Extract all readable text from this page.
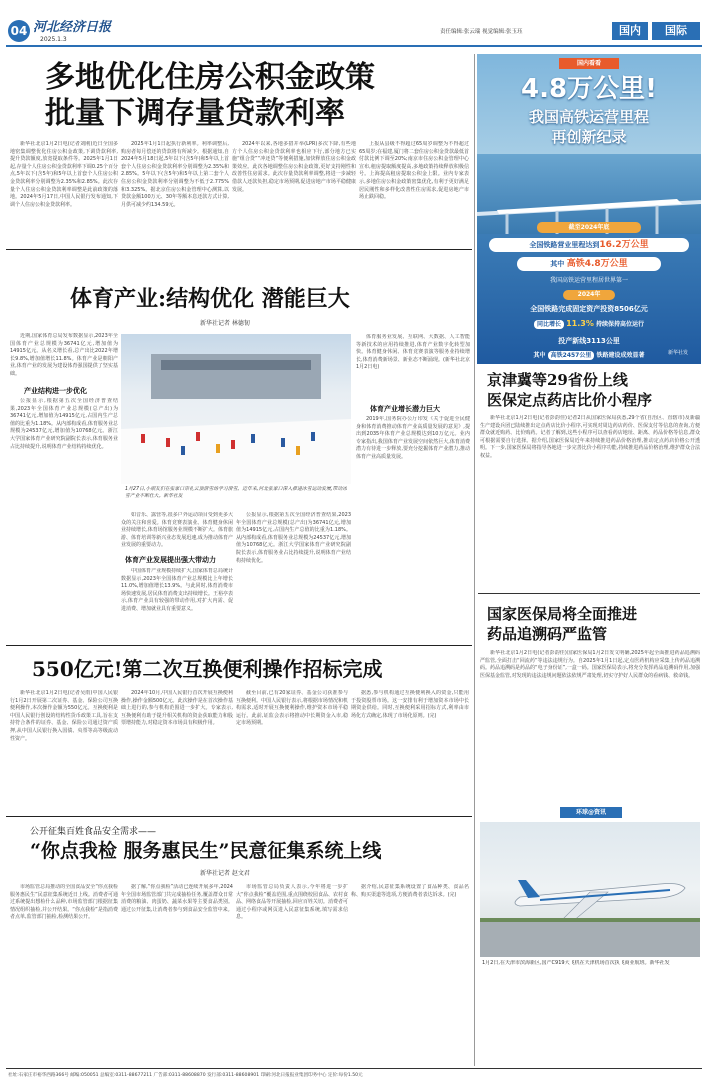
04 河北经济日报
2025.1.3
责任编辑:张云瑞 视觉编辑:张玉珏	国内	国际
多地优化住房公积金政策
批量下调存量贷款利率
新华社北京1月2日电(记者刘刚)近日全国多地密集调整优化住房公积金政策,下调贷款利率,提升贷款额度,放宽提取条件等。2025年1月1日起,存量个人住房公积金贷款利率下调0.25个百分点,5年以下(含5年)和5年以上首套个人住房公积金贷款利率分别调整为2.35%和2.85%。此次存量个人住房公积金贷款利率调整是此前政策的落地。2024年5月17日,中国人民银行发布通知,下调个人住房公积金贷款利率。
2025年1月1日起执行新利率。利率调整后,购房者每月偿还的贷款将有所减少。根据通知,自2024年5月18日起,5年以下(含5年)和5年以上首套个人住房公积金贷款利率分别调整为2.35%和2.85%。5年以下(含5年)和5年以上第二套个人住房公积金贷款利率分别调整为不低于2.775%和3.325%。据北京住房公积金管理中心测算,以贷款金额100万元、30年等额本息还款方式计算,月供可减少约134.59元。
2024年以来,各地多措并举(LPR)多次下降,有些地方个人住房公积金贷款利率也相应下行,部分地方已实施“组合贷”“冲还贷”等便利措施,加快释放住房公积金政策效应。此次各地调整住房公积金政策,更好支持刚性和改善性住房需求。此次存量贷款利率调整,将进一步减轻借款人还款负担,稳定市场预期,促进房地产市场平稳健康发展。
上报从县级不得超过65周岁调整为不得超过65周岁;在福建,厦门将二套住房公积金贷款最低首付款比例下调至20%;南京市住房公积金管理中心宣布,租房提取额度提高,多地政策持续释放积极信号。上海提高租房提取公积金上限。业内专家表示,多地住房公积金政策密集优化,有利于更好满足居民刚性和多样化改善性住房需求,促进房地产市场止跌回稳。
国内看看
4.8万公里!
我国高铁运营里程
再创新纪录
截至2024年底
全国铁路营业里程达到16.2万公里
其中 高铁4.8万公里
我国高铁运营里程居世界第一
2024年
全国铁路完成固定资产投资8506亿元
同比增长 11.3% 持续保持高位运行
投产新线3113公里
其中 高铁2457公里 铁路建设成效显著	新华社发
体育产业:结构优化 潜能巨大
新华社记者 林德韧
近期,国家体育总局发布数据显示,2023年全国体育产业总规模为36741亿元,增加值为14915亿元。从名义增长看,总产出比2022年增长9.8%,增加值增长11.8%。体育产业是朝阳产业,体育产业的发展为建设体育强国提供了坚实基础。
产业结构进一步优化
公报显示,根据第五次全国经济普查结果,2023年全国体育产业总规模(总产出)为36741亿元,增加值为14915亿元,占国内生产总值的比重为1.18%。从内部构成看,体育服务业总规模为24537亿元,增加值为10768亿元。浙江大学国家体育产业研究院副院长表示,体育服务业占比持续提升,说明体育产业结构持续优化。
1月27日,小朋友们在张家口崇礼云顶滑雪场学习滑雪。近年来,河北张家口深入推进冰雪运动发展,带动冰雪产业不断壮大。新华社发
如音乐、露营等,很多户外运动项目受到更多大众的关注和喜爱。体育竞赛表演业、体育健身休闲业持续增长,体育场馆服务业规模不断扩大。体育旅游、体育培训等新兴业态发展迅速,成为推动体育产业发展的重要动力。
体育产业发展提出强大带动力
中国体育产业规模持续扩大,国家体育总局统计数据显示,2023年全国体育产业总规模比上年增长11.0%,增加值增长13.9%。与此同时,体育消费市场快速发展,居民体育消费支出持续增长。王裕亭表示,体育产业具有较强的带动作用,对扩大内需、促进消费、增加就业具有重要意义。
公报显示,根据第五次全国经济普查结果,2023年全国体育产业总规模(总产出)为36741亿元,增加值为14915亿元,占国内生产总值的比重为1.18%。从内部构成看,体育服务业总规模为24537亿元,增加值为10768亿元。浙江大学国家体育产业研究院副院长表示,体育服务业占比持续提升,说明体育产业结构持续优化。
体育服务业发展、互联网、大数据、人工智能等新技术的应用持续推进,体育产业数字化转型加快。体育健身休闲、体育竞赛表演等服务业持续增长,体育消费新场景、新业态不断涌现。(新华社北京1月2日电)
体育产业增长潜力巨大
2019年,国务院办公厅印发《关于促进全民健身和体育消费推动体育产业高质量发展的意见》,提出到2035年体育产业总规模达到10万亿元。业内专家指出,我国体育产业发展空间依然巨大,体育消费潜力有待进一步释放,要充分挖掘体育产业潜力,推动体育产业高质量发展。
550亿元!第二次互换便利操作招标完成
新华社北京1月2日电(记者吴雨)中国人民银行1月2日开展第二次证券、基金、保险公司互换便利操作,本次操作金额为550亿元。互换便利是中国人民银行创设的结构性货币政策工具,旨在支持符合条件的证券、基金、保险公司通过资产质押,从中国人民银行换入国债、央票等高等级流动性资产。
2024年10月,中国人民银行首次开展互换便利操作,操作金额500亿元。此次操作是在首次操作基础上进行的,参与机构范围进一步扩大。专家表示,互换便利有助于提升相关机构的资金获取能力和股票增持能力,对稳定资本市场具有积极作用。
截至目前,已有20家证券、基金公司获准参与互换便利。中国人民银行表示,将根据市场情况和机构需求,适时开展互换便利操作,维护资本市场平稳运行。此前,证监会表示将推动中长期资金入市,稳定市场预期。
据悉,参与机构通过互换便利换入的资金,只能用于投资股票市场。这一安排有利于增加资本市场中长期资金供给。同时,互换便利采用招标方式,利率由市场化方式确定,体现了市场化原则。(完)
公开征集百姓食品安全需求——
“你点我检 服务惠民生”民意征集系统上线
新华社记者 赵文君
市场监管总局推动的全国食品安全“你点我检 服务惠民生”民意征集系统近日上线。消费者可通过系统提出想检什么品种,市场监管部门根据征集情况组织抽检,并公开结果。“你点我检”是指消费者点单,监管部门抽检,检测结果公开。
据了解,“你点我检”活动已连续开展多年,2024年全国市场监管部门共完成抽检任务,覆盖群众日常消费的粮油、肉蛋奶、蔬菜水果等主要食品类别。通过公开征集,让消费者参与到食品安全监管中来。
市场监管总局负责人表示,今年将进一步扩大“你点我检”覆盖范围,重点围绕校园食品、农村食品、网络食品等开展抽检,回应百姓关切。消费者可通过小程序或网页进入民意征集系统,填写需求信息。
据介绍,民意征集系统设置了食品种类、食品名称、购买渠道等选项,方便消费者表达诉求。(完)
京津冀等29省份上线
医保定点药店比价小程序
新华社北京1月2日电(记者彭韵佳)记者2日从国家医保局获悉,29个省(自治区、直辖市)及新疆生产建设兵团已陆续推出定点药店比价小程序,可实现对周边药店药价、医保支付等信息的查询,方便群众就近购药、比价购药。记者了解到,这些小程序可以查看药店地址、距离、药品价格等信息,群众可根据需要自行选择。据介绍,国家医保局近年来持续推进药品价格治理,推动定点药店价格公开透明。下一步,国家医保局将指导各地进一步完善比价小程序功能,持续推进药品价格治理,维护群众合法权益。
国家医保局将全面推进
药品追溯码严监管
新华社北京1月2日电(记者彭韵佳)国家医保局1月2日发文明确,2025年起全面推进药品追溯码严监管,全面打击“回流药”等违法违规行为。自2025年1月1日起,定点医药机构应采集上传药品追溯码。药品追溯码是药品的“电子身份证”,一盒一码。国家医保局表示,将充分发挥药品追溯码作用,加强医保基金监管,对发现的违法违规问题依法依规严肃处理,切实守护好人民群众的看病钱、救命钱。
环球@资讯
1月2日,在天津市滨海新区,国产C919大飞机在天津机场首次执飞商业航班。新华社发
社址:石家庄市裕华西路366号 邮编:050051 总编室:0311-88677211 广告部:0311-88608870 发行部:0311-88608901 印刷:河北日报报业集团印务中心 定价:每份1.50元
